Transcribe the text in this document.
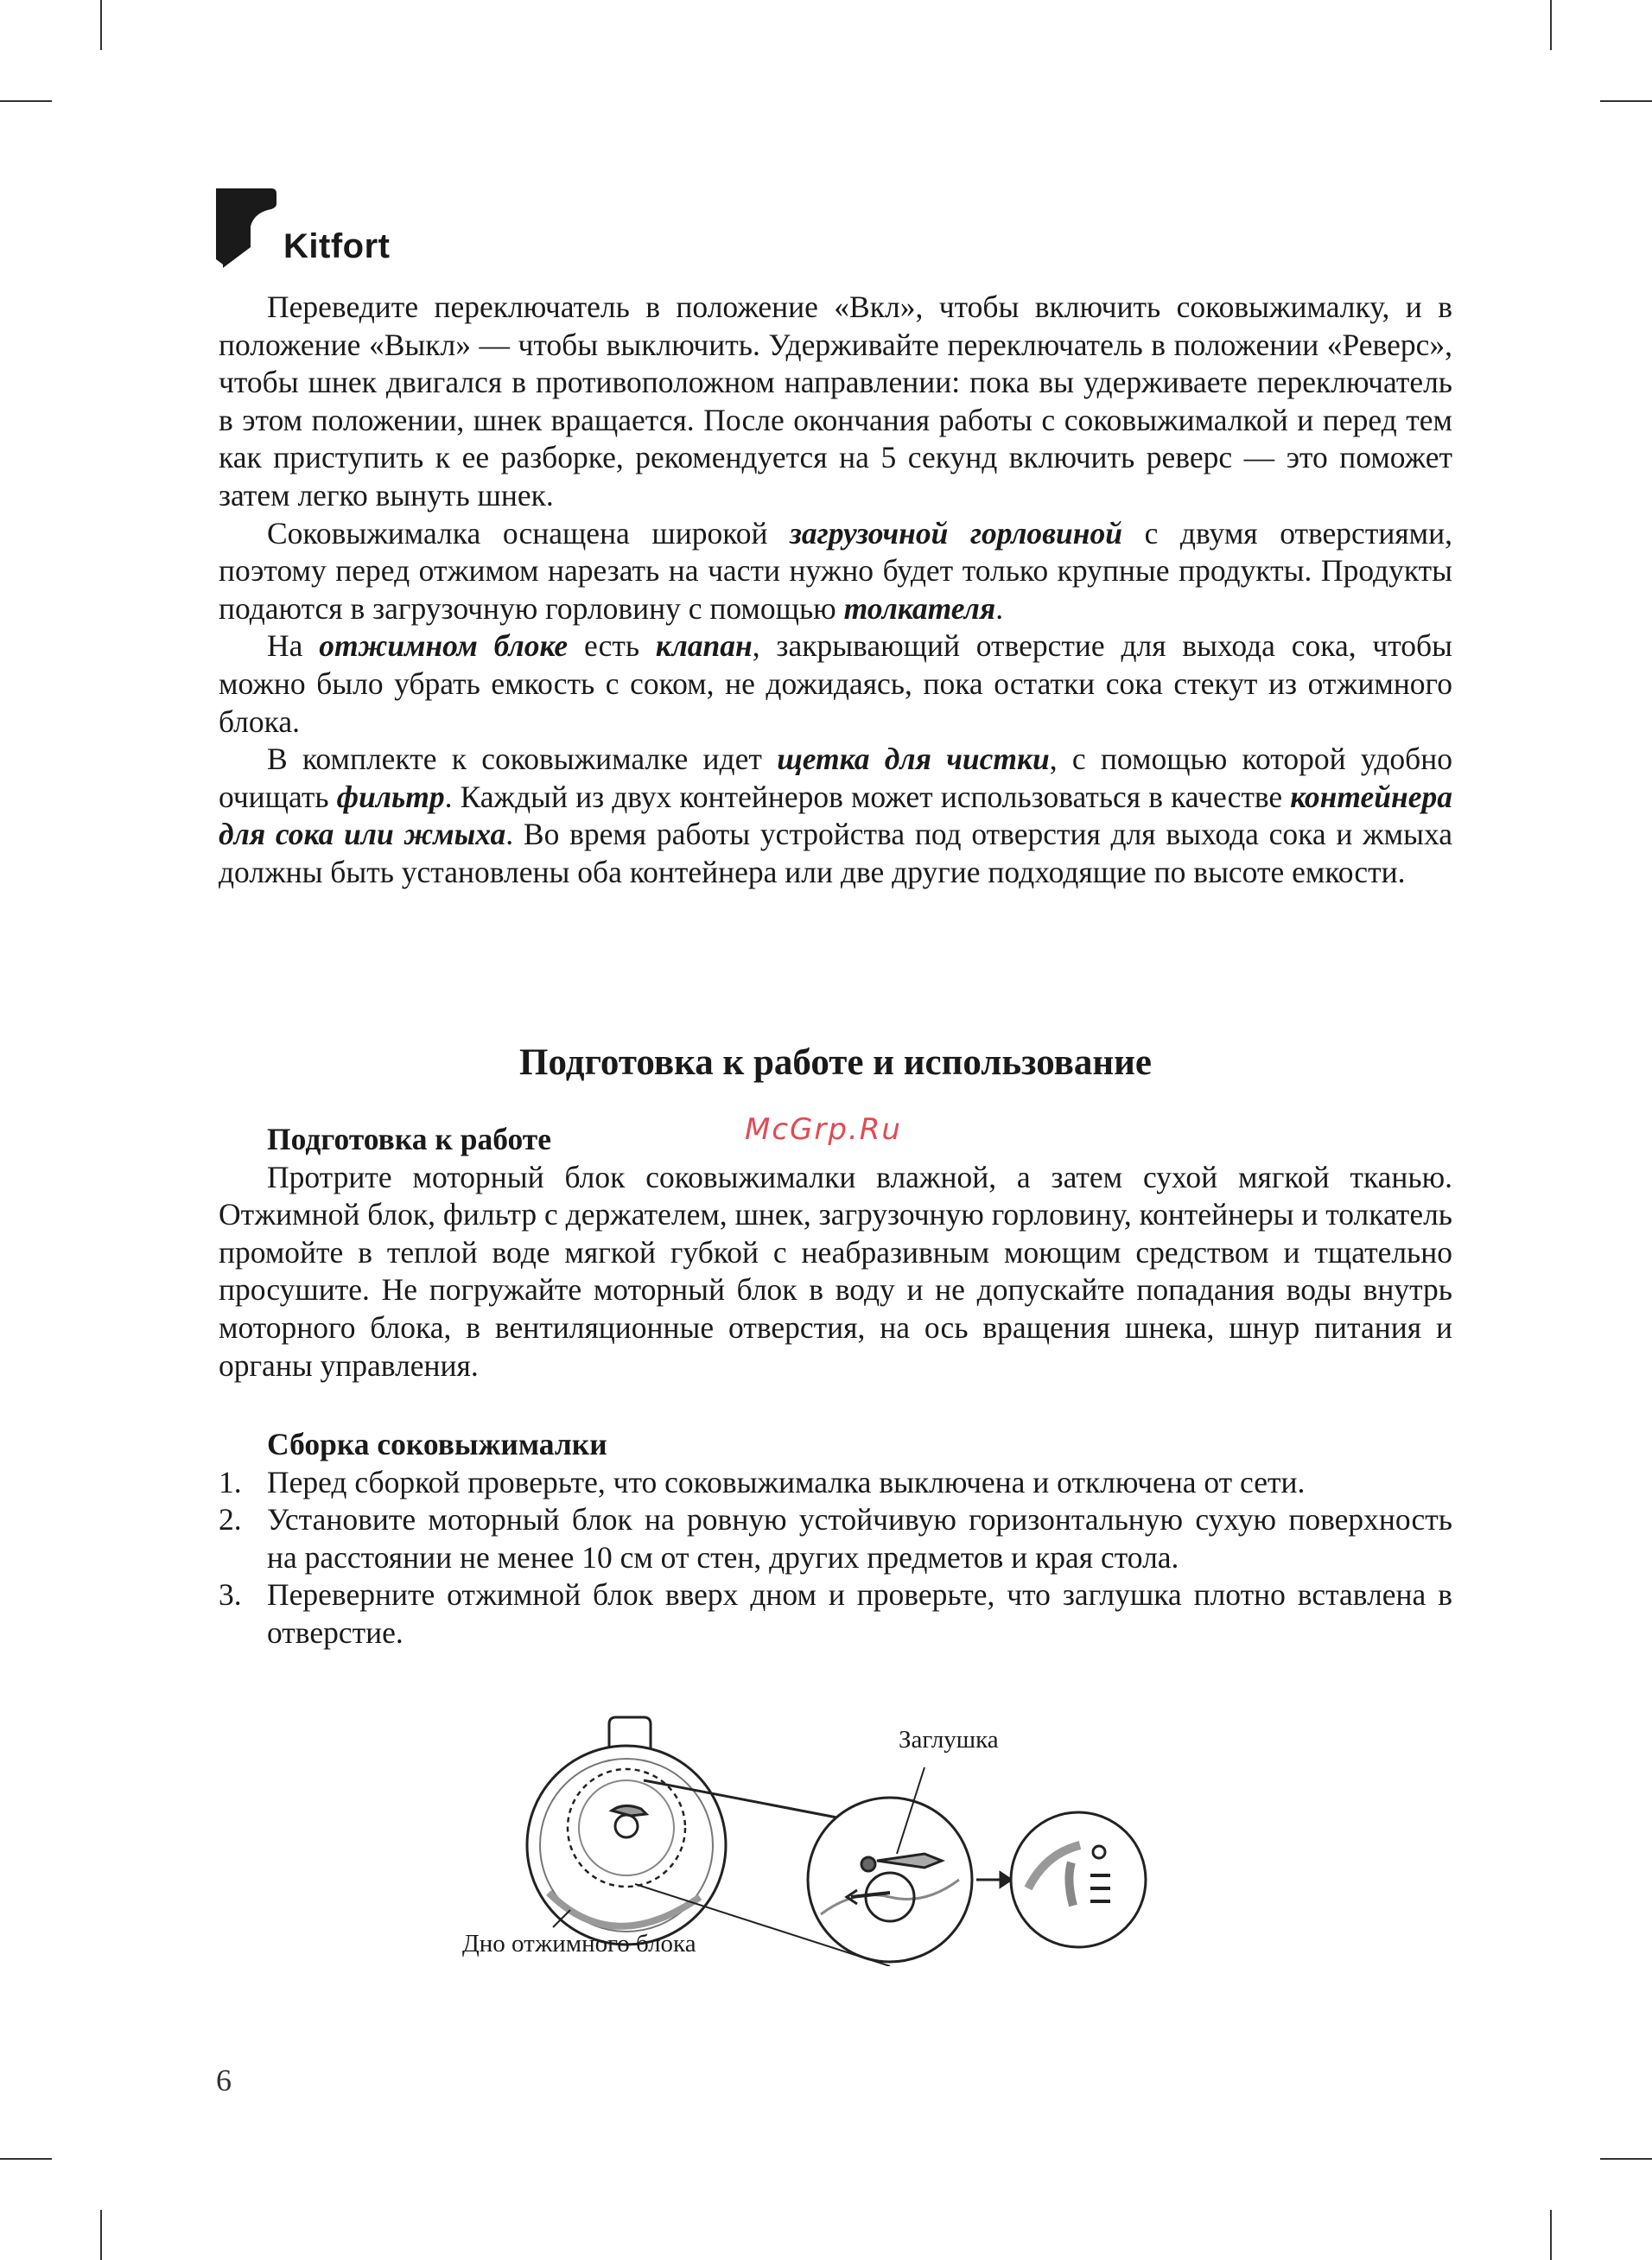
Kitfort

Переведите переключатель в положение «Вкл», чтобы включить соковыжималку, и в положение «Выкл» — чтобы выключить. Удерживайте переключатель в положении «Реверс», чтобы шнек двигался в противоположном направлении: пока вы удерживаете переключатель в этом положении, шнек вращается. После окончания работы с соковыжималкой и перед тем как приступить к ее разборке, рекомендуется на 5 секунд включить реверс — это поможет затем легко вынуть шнек.

Соковыжималка оснащена широкой загрузочной горловиной с двумя отверстиями, поэтому перед отжимом нарезать на части нужно будет только крупные продукты. Продукты подаются в загрузочную горловину с помощью толкателя.

На отжимном блоке есть клапан, закрывающий отверстие для выхода сока, чтобы можно было убрать емкость с соком, не дожидаясь, пока остатки сока стекут из отжимного блока.

В комплекте к соковыжималке идет щетка для чистки, с помощью которой удобно очищать фильтр. Каждый из двух контейнеров может использоваться в качестве контейнера для сока или жмыха. Во время работы устройства под отверстия для выхода сока и жмыха должны быть установлены оба контейнера или две другие подходящие по высоте емкости.

Подготовка к работе и использование
McGrp.Ru
Подготовка к работе

Протрите моторный блок соковыжималки влажной, а затем сухой мягкой тканью. Отжимной блок, фильтр с держателем, шнек, загрузочную горловину, контейнеры и толкатель промойте в теплой воде мягкой губкой с неабразивным моющим средством и тщательно просушите. Не погружайте моторный блок в воду и не допускайте попадания воды внутрь моторного блока, в вентиляционные отверстия, на ось вращения шнека, шнур питания и органы управления.

Сборка соковыжималки
1. Перед сборкой проверьте, что соковыжималка выключена и отключена от сети.
2. Установите моторный блок на ровную устойчивую горизонтальную сухую поверхность на расстоянии не менее 10 см от стен, других предметов и края стола.
3. Переверните отжимной блок вверх дном и проверьте, что заглушка плотно вставлена в отверстие.
Заглушка
Дно отжимного блока
6
